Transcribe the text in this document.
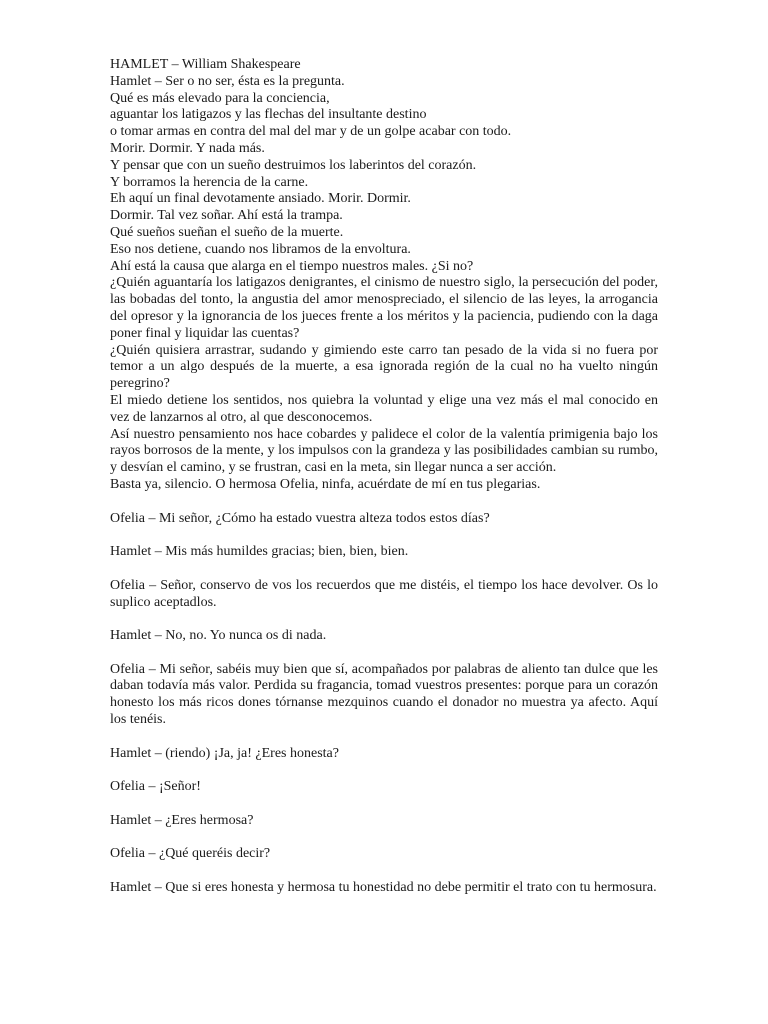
HAMLET – William Shakespeare

Hamlet – Ser o no ser, ésta es la pregunta.
Qué es más elevado para la conciencia,
aguantar los latigazos y las flechas del insultante destino
o tomar armas en contra del mal del mar y de un golpe acabar con todo.
Morir. Dormir. Y nada más.
Y pensar que con un sueño destruimos los laberintos del corazón.
Y borramos la herencia de la carne.
Eh aquí un final devotamente ansiado. Morir. Dormir.
Dormir. Tal vez soñar. Ahí está la trampa.
Qué sueños sueñan el sueño de la muerte.
Eso nos detiene, cuando nos libramos de la envoltura.
Ahí está la causa que alarga en el tiempo nuestros males. ¿Si no?

¿Quién aguantaría los latigazos denigrantes, el cinismo de nuestro siglo, la persecución del poder, las bobadas del tonto, la angustia del amor menospreciado, el silencio de las leyes, la arrogancia del opresor y la ignorancia de los jueces frente a los méritos y la paciencia, pudiendo con la daga poner final y liquidar las cuentas?

¿Quién quisiera arrastrar, sudando y gimiendo este carro tan pesado de la vida si no fuera por temor a un algo después de la muerte, a esa ignorada región de la cual no ha vuelto ningún peregrino?

El miedo detiene los sentidos, nos quiebra la voluntad y elige una vez más el mal conocido en vez de lanzarnos al otro, al que desconocemos.

Así nuestro pensamiento nos hace cobardes y palidece el color de la valentía primigenia bajo los rayos borrosos de la mente, y los impulsos con la grandeza y las posibilidades cambian su rumbo, y desvían el camino, y se frustran, casi en la meta, sin llegar nunca a ser acción.

Basta ya, silencio. O hermosa Ofelia, ninfa, acuérdate de mí en tus plegarias.

Ofelia – Mi señor, ¿Cómo ha estado vuestra alteza todos estos días?

Hamlet – Mis más humildes gracias; bien, bien, bien.

Ofelia – Señor, conservo de vos los recuerdos que me distéis, el tiempo los hace devolver. Os lo suplico aceptadlos.

Hamlet – No, no. Yo nunca os di nada.

Ofelia – Mi señor, sabéis muy bien que sí, acompañados por palabras de aliento tan dulce que les daban todavía más valor. Perdida su fragancia, tomad vuestros presentes: porque para un corazón honesto los más ricos dones tórnanse mezquinos cuando el donador no muestra ya afecto. Aquí los tenéis.

Hamlet – (riendo) ¡Ja, ja! ¿Eres honesta?

Ofelia – ¡Señor!

Hamlet – ¿Eres hermosa?

Ofelia – ¿Qué queréis decir?

Hamlet – Que si eres honesta y hermosa tu honestidad no debe permitir el trato con tu hermosura.
